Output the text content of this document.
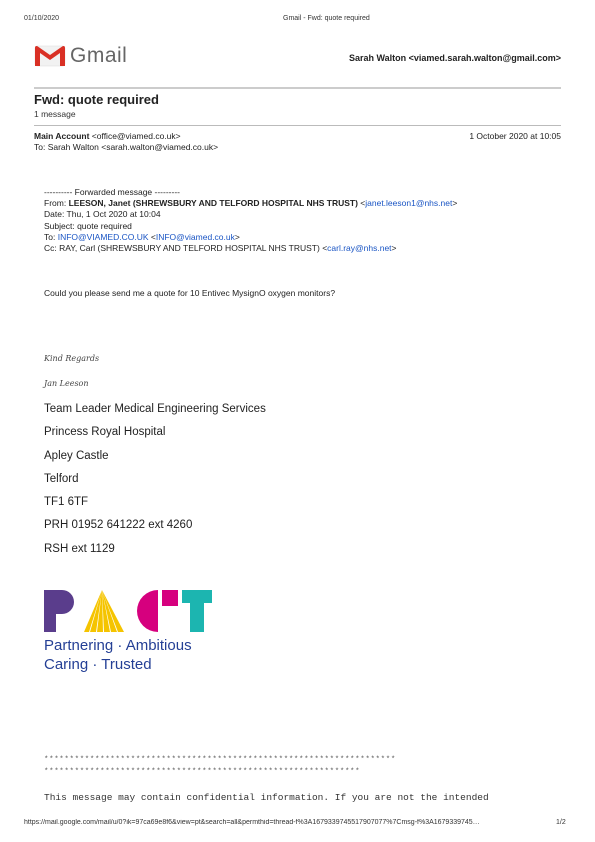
01/10/2020	Gmail - Fwd: quote required
Gmail	Sarah Walton <viamed.sarah.walton@gmail.com>
Fwd: quote required
1 message
Main Account <office@viamed.co.uk>	1 October 2020 at 10:05
To: Sarah Walton <sarah.walton@viamed.co.uk>
---------- Forwarded message ---------
From: LEESON, Janet (SHREWSBURY AND TELFORD HOSPITAL NHS TRUST) <janet.leeson1@nhs.net>
Date: Thu, 1 Oct 2020 at 10:04
Subject: quote required
To: INFO@VIAMED.CO.UK <INFO@viamed.co.uk>
Cc: RAY, Carl (SHREWSBURY AND TELFORD HOSPITAL NHS TRUST) <carl.ray@nhs.net>
Could you please send me a quote for 10 Entivec MysignO oxygen monitors?
Kind Regards
Jan Leeson
Team Leader Medical Engineering Services
Princess Royal Hospital
Apley Castle
Telford
TF1 6TF
PRH 01952 641222 ext 4260
RSH ext 1129
Partnering · Ambitious
Caring · Trusted
*********************************************************************
**************************************************************
This message may contain confidential information. If you are not the intended
https://mail.google.com/mail/u/0?ik=97ca69e8f6&view=pt&search=all&permthid=thread-f%3A1679339745517907077%7Cmsg-f%3A1679339745…	1/2
